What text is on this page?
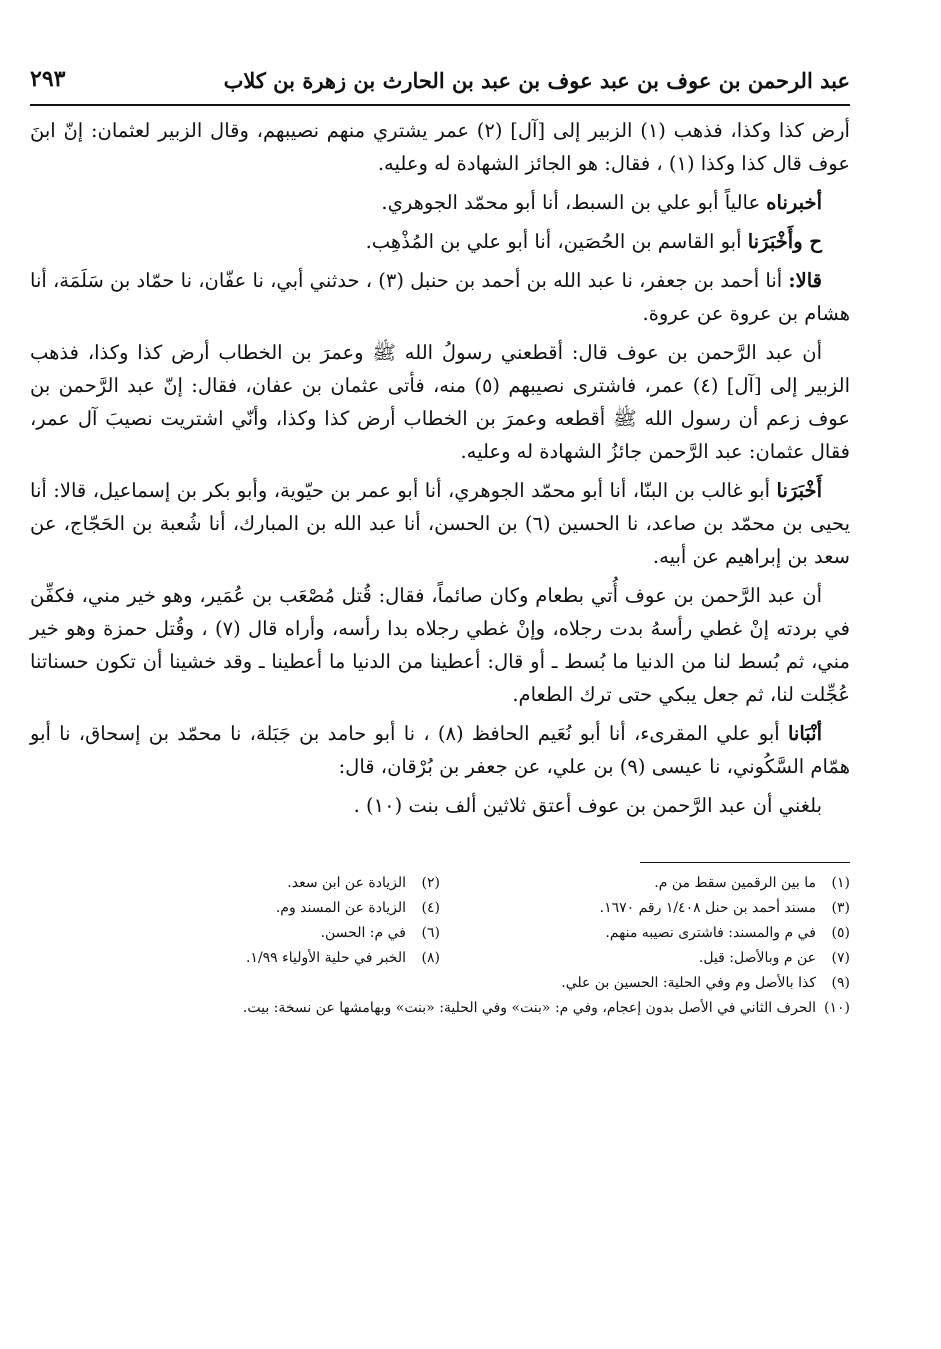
عبد الرحمن بن عوف بن عبد عوف بن عبد بن الحارث بن زهرة بن كلاب
٢٩٣

أرض كذا وكذا، فذهب (١) الزبير إلى [آل] (٢) عمر يشتري منهم نصيبهم، وقال الزبير لعثمان: إنّ ابنَ عوف قال كذا وكذا (١) ، فقال: هو الجائز الشهادة له وعليه.

أخبرناه عالياً أبو علي بن السبط، أنا أبو محمّد الجوهري.

ح وأَخْبَرَنا أبو القاسم بن الحُصَين، أنا أبو علي بن المُذْهِب.

قالا: أنا أحمد بن جعفر، نا عبد الله بن أحمد بن حنبل (٣) ، حدثني أبي، نا عفّان، نا حمّاد بن سَلَمَة، أنا هشام بن عروة عن عروة.

أن عبد الرَّحمن بن عوف قال: أقطعني رسولُ الله ﷺ وعمرَ بن الخطاب أرض كذا وكذا، فذهب الزبير إلى [آل] (٤) عمر، فاشترى نصيبهم (٥) منه، فأتى عثمان بن عفان، فقال: إنّ عبد الرَّحمن بن عوف زعم أن رسول الله ﷺ أقطعه وعمرَ بن الخطاب أرض كذا وكذا، وأنّي اشتريت نصيبَ آل عمر، فقال عثمان: عبد الرَّحمن جائزُ الشهادة له وعليه.

أَخْبَرَنا أبو غالب بن البنّا، أنا أبو محمّد الجوهري، أنا أبو عمر بن حيّوية، وأبو بكر بن إسماعيل، قالا: أنا يحيى بن محمّد بن صاعد، نا الحسين (٦) بن الحسن، أنا عبد الله بن المبارك، أنا شُعبة بن الحَجّاج، عن سعد بن إبراهيم عن أبيه.

أن عبد الرَّحمن بن عوف أُتي بطعام وكان صائماً، فقال: قُتل مُصْعَب بن عُمَير، وهو خير مني، فكفِّن في بردته إنْ غطي رأسهُ بدت رجلاه، وإنْ غطي رجلاه بدا رأسه، وأراه قال (٧) ، وقُتل حمزة وهو خير مني، ثم بُسط لنا من الدنيا ما بُسط ـ أو قال: أعطينا من الدنيا ما أعطينا ـ وقد خشينا أن تكون حسناتنا عُجِّلت لنا، ثم جعل يبكي حتى ترك الطعام.

أنْبَانا أبو علي المقرىء، أنا أبو نُعَيم الحافظ (٨) ، نا أبو حامد بن جَبَلة، نا محمّد بن إسحاق، نا أبو همّام السَّكُوني، نا عيسى (٩) بن علي، عن جعفر بن بُرْقان، قال:

بلغني أن عبد الرَّحمن بن عوف أعتق ثلاثين ألف بنت (١٠) .

(١)ما بين الرقمين سقط من م.
(٢)الزيادة عن ابن سعد.
(٣)مسند أحمد بن حنل ١/٤٠٨ رقم ١٦٧٠.
(٤)الزيادة عن المسند وم.
(٥)في م والمسند: فاشترى نصيبه منهم.
(٦)في م: الحسن.
(٧)عن م وبالأصل: قيل.
(٨)الخبر في حلية الأولياء ١/٩٩.
(٩)كذا بالأصل وم وفي الحلية: الحسين بن علي.
(١٠)الحرف الثاني في الأصل بدون إعجام، وفي م: «بنت» وفي الحلية: «بنت» وبهامشها عن نسخة: بيت.
